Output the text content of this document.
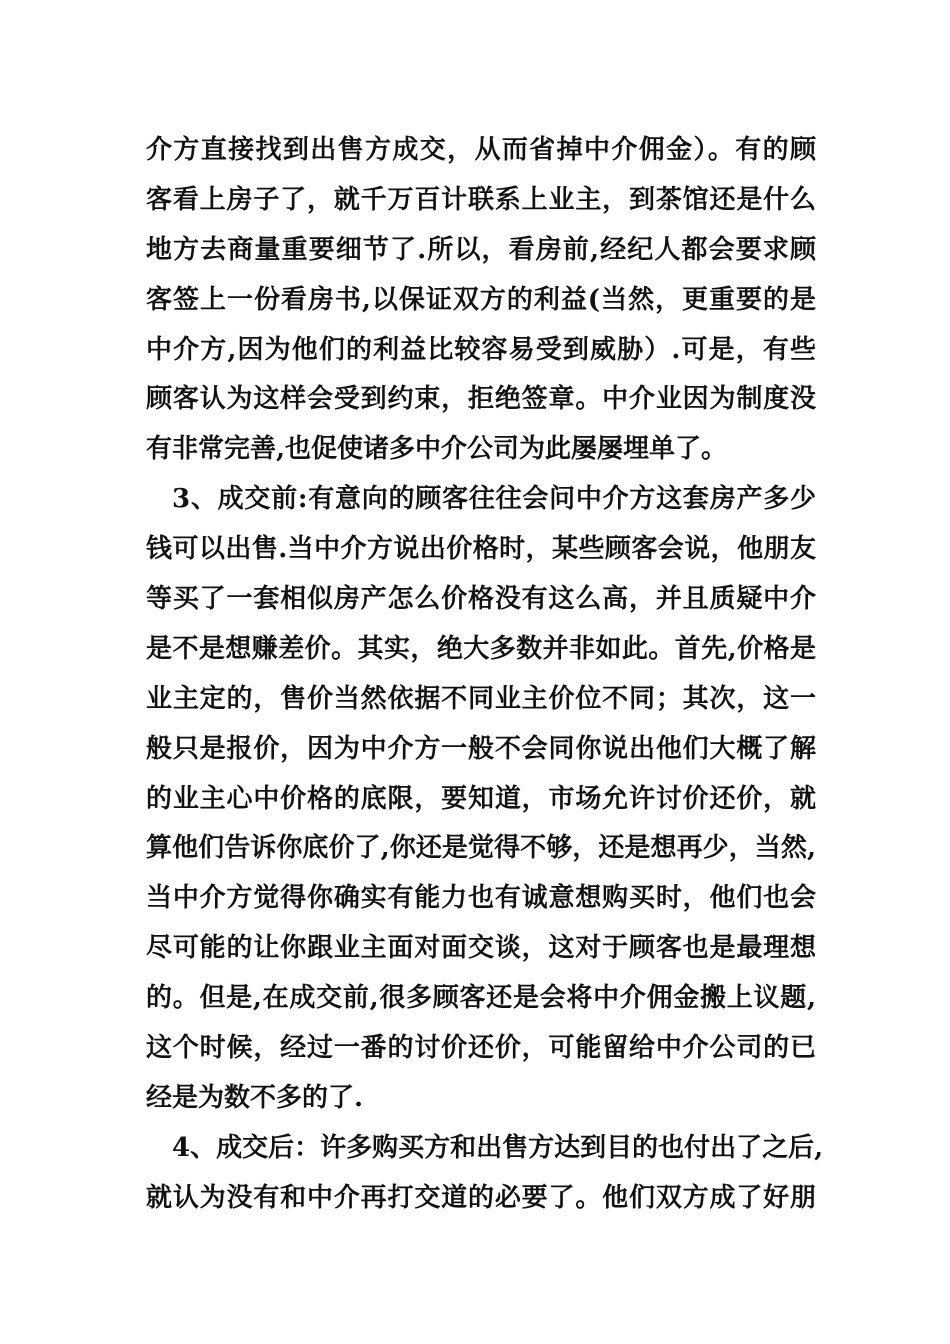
介方直接找到出售方成交，从而省掉中介佣金）。有的顾
客看上房子了，就千万百计联系上业主，到茶馆还是什么
地方去商量重要细节了.所以，看房前,经纪人都会要求顾
客签上一份看房书,以保证双方的利益(当然，更重要的是
中介方,因为他们的利益比较容易受到威胁）.可是，有些
顾客认为这样会受到约束，拒绝签章。中介业因为制度没
有非常完善,也促使诸多中介公司为此屡屡埋单了。
3、成交前:有意向的顾客往往会问中介方这套房产多少
钱可以出售.当中介方说出价格时，某些顾客会说，他朋友
等买了一套相似房产怎么价格没有这么高，并且质疑中介
是不是想赚差价。其实，绝大多数并非如此。首先,价格是
业主定的，售价当然依据不同业主价位不同；其次，这一
般只是报价，因为中介方一般不会同你说出他们大概了解
的业主心中价格的底限，要知道，市场允许讨价还价，就
算他们告诉你底价了,你还是觉得不够，还是想再少，当然,
当中介方觉得你确实有能力也有诚意想购买时，他们也会
尽可能的让你跟业主面对面交谈，这对于顾客也是最理想
的。但是,在成交前,很多顾客还是会将中介佣金搬上议题,
这个时候，经过一番的讨价还价，可能留给中介公司的已
经是为数不多的了.
4、成交后：许多购买方和出售方达到目的也付出了之后,
就认为没有和中介再打交道的必要了。他们双方成了好朋
